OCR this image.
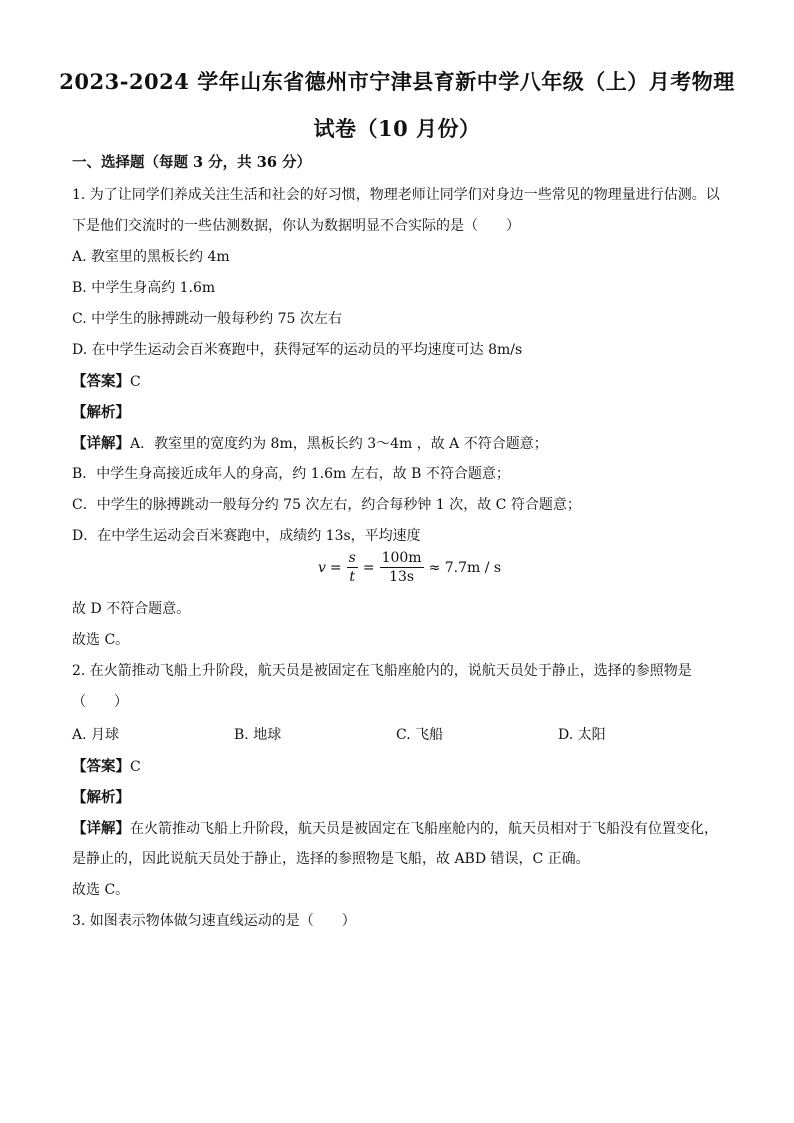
2023-2024 学年山东省德州市宁津县育新中学八年级（上）月考物理
试卷（10 月份）
一、选择题（每题 3 分，共 36 分）
1. 为了让同学们养成关注生活和社会的好习惯，物理老师让同学们对身边一些常见的物理量进行估测。以
下是他们交流时的一些估测数据，你认为数据明显不合实际的是（　　）
A. 教室里的黑板长约 4m
B. 中学生身高约 1.6m
C. 中学生的脉搏跳动一般每秒约 75 次左右
D. 在中学生运动会百米赛跑中，获得冠军的运动员的平均速度可达 8m/s
【答案】C
【解析】
【详解】A．教室里的宽度约为 8m，黑板长约 3～4m ，故 A 不符合题意；
B．中学生身高接近成年人的身高，约 1.6m 左右，故 B 不符合题意；
C．中学生的脉搏跳动一般每分约 75 次左右，约合每秒钟 1 次，故 C 符合题意；
D．在中学生运动会百米赛跑中，成绩约 13s，平均速度
$v = \frac{s}{t} = \frac{100m}{13s} \approx 7.7m / s$
故 D 不符合题意。
故选 C。
2. 在火箭推动飞船上升阶段，航天员是被固定在飞船座舱内的，说航天员处于静止，选择的参照物是
（　　）
A. 月球	B. 地球	C. 飞船	D. 太阳
【答案】C
【解析】
【详解】在火箭推动飞船上升阶段，航天员是被固定在飞船座舱内的，航天员相对于飞船没有位置变化，
是静止的，因此说航天员处于静止，选择的参照物是飞船，故 ABD 错误，C 正确。
故选 C。
3. 如图表示物体做匀速直线运动的是（　　）
